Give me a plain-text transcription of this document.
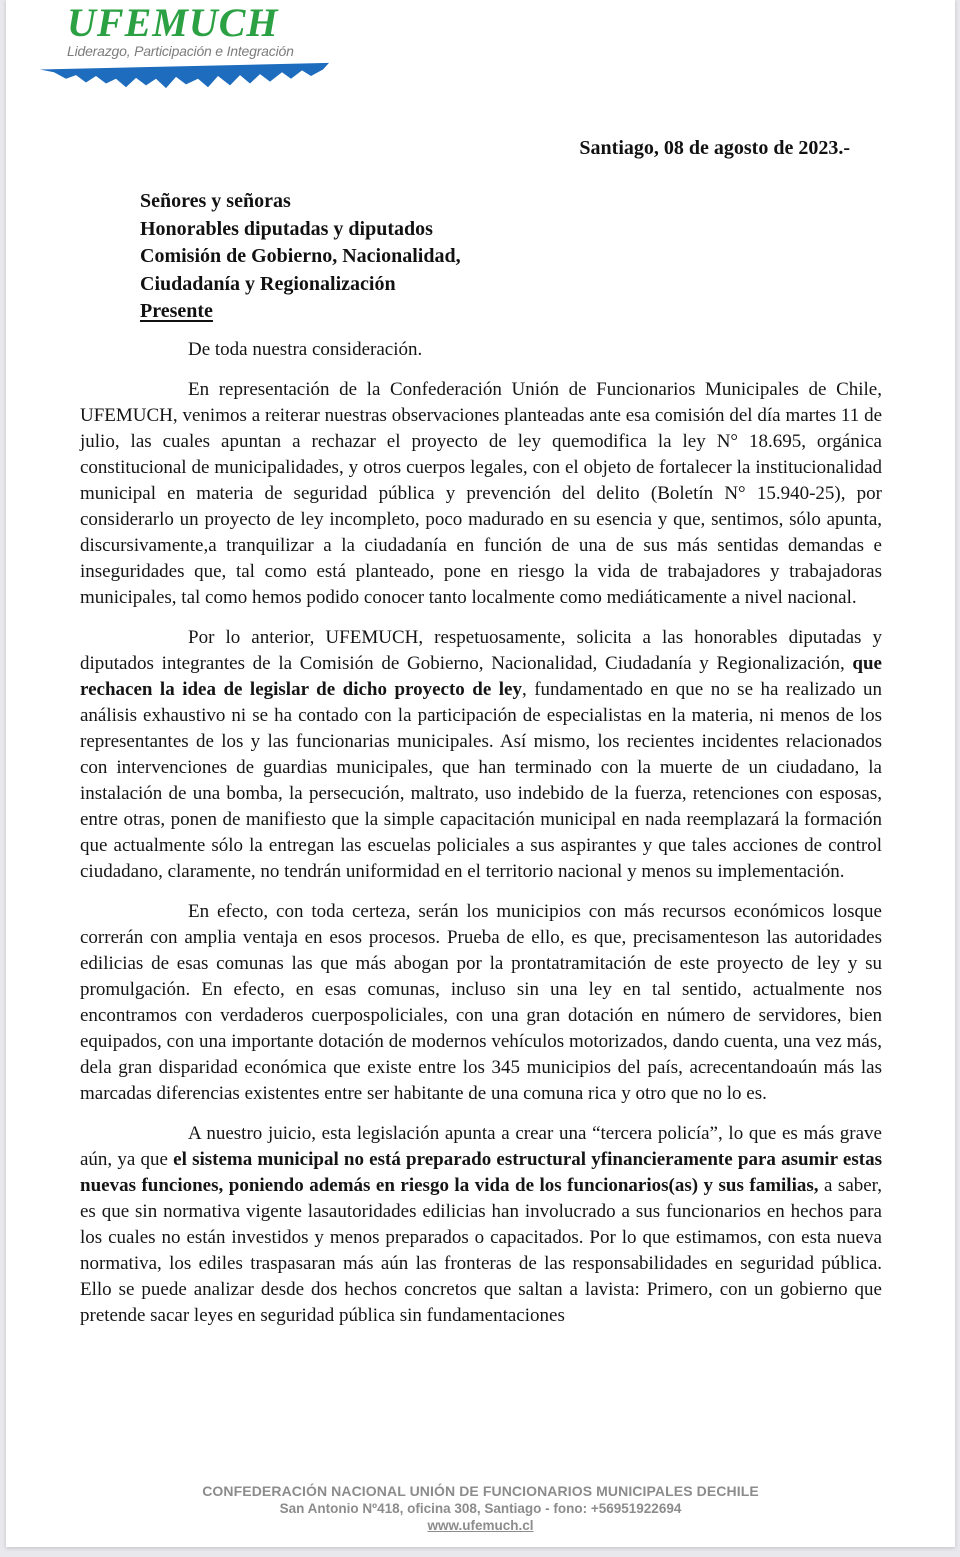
UFEMUCH
Liderazgo, Participación e Integración
Santiago, 08 de agosto de 2023.-
Señores y señoras
Honorables diputadas y diputados
Comisión de Gobierno, Nacionalidad,
Ciudadanía y Regionalización
Presente

De toda nuestra consideración.

En representación de la Confederación Unión de Funcionarios Municipales de Chile, UFEMUCH, venimos a reiterar nuestras observaciones planteadas ante esa comisión del día martes 11 de julio, las cuales apuntan a rechazar el proyecto de ley quemodifica la ley N° 18.695, orgánica constitucional de municipalidades, y otros cuerpos legales, con el objeto de fortalecer la institucionalidad municipal en materia de seguridad pública y prevención del delito (Boletín N° 15.940-25), por considerarlo un proyecto de ley incompleto, poco madurado en su esencia y que, sentimos, sólo apunta, discursivamente,a tranquilizar a la ciudadanía en función de una de sus más sentidas demandas e inseguridades que, tal como está planteado, pone en riesgo la vida de trabajadores y trabajadoras municipales, tal como hemos podido conocer tanto localmente como mediáticamente a nivel nacional.

Por lo anterior, UFEMUCH, respetuosamente, solicita a las honorables diputadas y diputados integrantes de la Comisión de Gobierno, Nacionalidad, Ciudadanía y Regionalización, que rechacen la idea de legislar de dicho proyecto de ley, fundamentado en que no se ha realizado un análisis exhaustivo ni se ha contado con la participación de especialistas en la materia, ni menos de los representantes de los y las funcionarias municipales. Así mismo, los recientes incidentes relacionados con intervenciones de guardias municipales, que han terminado con la muerte de un ciudadano, la instalación de una bomba, la persecución, maltrato, uso indebido de la fuerza, retenciones con esposas, entre otras, ponen de manifiesto que la simple capacitación municipal en nada reemplazará la formación que actualmente sólo la entregan las escuelas policiales a sus aspirantes y que tales acciones de control ciudadano, claramente, no tendrán uniformidad en el territorio nacional y menos su implementación.

En efecto, con toda certeza, serán los municipios con más recursos económicos losque correrán con amplia ventaja en esos procesos. Prueba de ello, es que, precisamenteson las autoridades edilicias de esas comunas las que más abogan por la prontatramitación de este proyecto de ley y su promulgación. En efecto, en esas comunas, incluso sin una ley en tal sentido, actualmente nos encontramos con verdaderos cuerpospoliciales, con una gran dotación en número de servidores, bien equipados, con una importante dotación de modernos vehículos motorizados, dando cuenta, una vez más, dela gran disparidad económica que existe entre los 345 municipios del país, acrecentandoaún más las marcadas diferencias existentes entre ser habitante de una comuna rica y otro que no lo es.

A nuestro juicio, esta legislación apunta a crear una “tercera policía”, lo que es más grave aún, ya que el sistema municipal no está preparado estructural yfinancieramente para asumir estas nuevas funciones, poniendo además en riesgo la vida de los funcionarios(as) y sus familias, a saber, es que sin normativa vigente lasautoridades edilicias han involucrado a sus funcionarios en hechos para los cuales no están investidos y menos preparados o capacitados. Por lo que estimamos, con esta nueva normativa, los ediles traspasaran más aún las fronteras de las responsabilidades en seguridad pública. Ello se puede analizar desde dos hechos concretos que saltan a lavista: Primero, con un gobierno que pretende sacar leyes en seguridad pública sin fundamentaciones

CONFEDERACIÓN NACIONAL UNIÓN DE FUNCIONARIOS MUNICIPALES DECHILE
San Antonio Nº418, oficina 308, Santiago - fono: +56951922694
www.ufemuch.cl
